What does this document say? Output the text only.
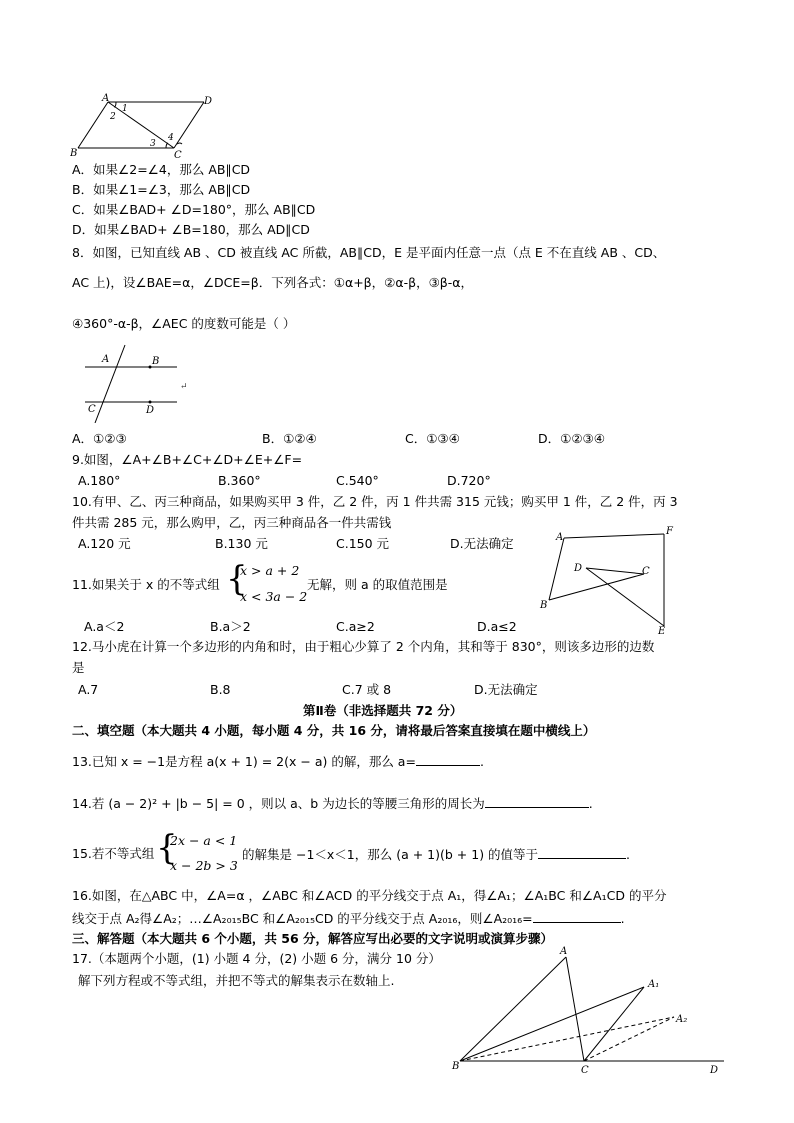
A	D
B	C
1
2
3
4
A．如果∠2=∠4，那么 AB∥CD
B．如果∠1=∠3，那么 AB∥CD
C．如果∠BAD+ ∠D=180°，那么 AB∥CD
D．如果∠BAD+ ∠B=180，那么 AD∥CD
8．如图，已知直线 AB 、CD 被直线 AC 所截，AB∥CD，E 是平面内任意一点（点 E 不在直线 AB 、CD、
AC 上)，设∠BAE=α，∠DCE=β．下列各式：①α+β，②α-β，③β-α，
④360°-α-β，∠AEC 的度数可能是（ ）
A	B
C	D
↵
A．①②③	B．①②④	C．①③④	D．①②③④
9.如图，∠A+∠B+∠C+∠D+∠E+∠F=
A.180°	B.360°	C.540°	D.720°
10.有甲、乙、丙三种商品，如果购买甲 3 件，乙 2 件，丙 1 件共需 315 元钱；购买甲 1 件，乙 2 件，丙 3
件共需 285 元，那么购甲，乙，丙三种商品各一件共需钱
A.120 元	B.130 元	C.150 元	D.无法确定	A
F
D	C
B
E
11.如果关于 x 的不等式组 {
x > a + 2
x < 3a − 2
无解，则 a 的取值范围是
A.a＜2	B.a＞2	C.a≥2	D.a≤2
12.马小虎在计算一个多边形的内角和时，由于粗心少算了 2 个内角，其和等于 830°，则该多边形的边数
是
A.7	B.8	C.7 或 8	D.无法确定
第Ⅱ卷（非选择题共 72 分）
二、填空题（本大题共 4 小题，每小题 4 分，共 16 分，请将最后答案直接填在题中横线上）
13.已知 x = −1是方程 a(x + 1) = 2(x − a) 的解，那么 a=	.
14.若 (a − 2)² + |b − 5| = 0 ，则以 a、b 为边长的等腰三角形的周长为	.
15.若不等式组 {
2x − a < 1
x − 2b > 3
的解集是 −1＜x＜1，那么 (a + 1)(b + 1) 的值等于	.
16.如图，在△ABC 中，∠A=α ，∠ABC 和∠ACD 的平分线交于点 A₁，得∠A₁；∠A₁BC 和∠A₁CD 的平分
线交于点 A₂得∠A₂；…∠A₂₀₁₅BC 和∠A₂₀₁₅CD 的平分线交于点 A₂₀₁₆，则∠A₂₀₁₆=	.
三、解答题（本大题共 6 个小题，共 56 分，解答应写出必要的文字说明或演算步骤）
17.（本题两个小题，(1) 小题 4 分，(2) 小题 6 分，满分 10 分）
解下列方程或不等式组，并把不等式的解集表示在数轴上.
A
A₁
A₂
B	C	D
